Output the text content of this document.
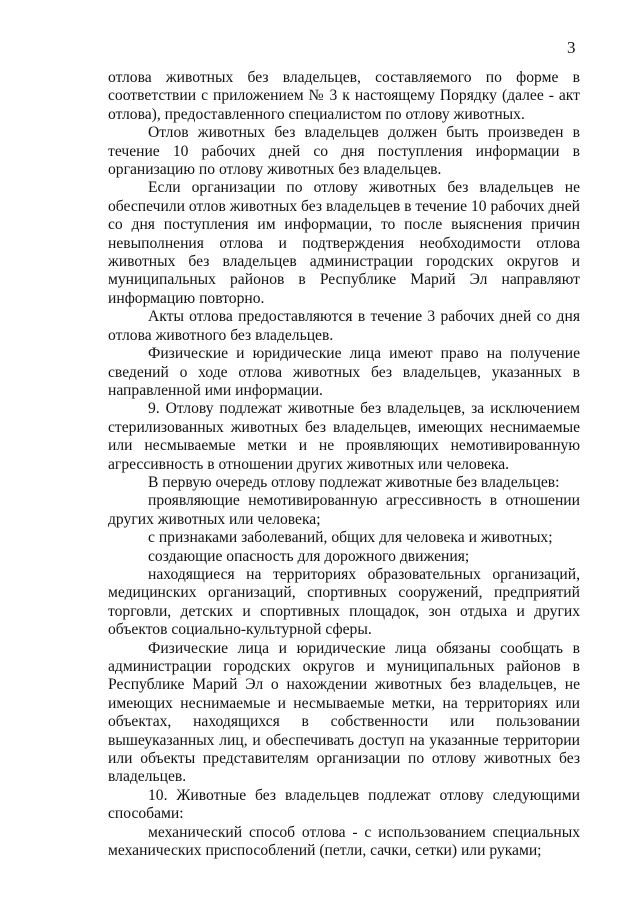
3

отлова животных без владельцев, составляемого по форме в соответствии с приложением № 3 к настоящему Порядку (далее - акт отлова), предоставленного специалистом по отлову животных.

Отлов животных без владельцев должен быть произведен в течение 10 рабочих дней со дня поступления информации в организацию по отлову животных без владельцев.

Если организации по отлову животных без владельцев не обеспечили отлов животных без владельцев в течение 10 рабочих дней со дня поступления им информации, то после выяснения причин невыполнения отлова и подтверждения необходимости отлова животных без владельцев администрации городских округов и муниципальных районов в Республике Марий Эл направляют информацию повторно.

Акты отлова предоставляются в течение 3 рабочих дней со дня отлова животного без владельцев.

Физические и юридические лица имеют право на получение сведений о ходе отлова животных без владельцев, указанных в направленной ими информации.

9. Отлову подлежат животные без владельцев, за исключением стерилизованных животных без владельцев, имеющих неснимаемые или несмываемые метки и не проявляющих немотивированную агрессивность в отношении других животных или человека.

В первую очередь отлову подлежат животные без владельцев:

проявляющие немотивированную агрессивность в отношении других животных или человека;

с признаками заболеваний, общих для человека и животных;

создающие опасность для дорожного движения;

находящиеся на территориях образовательных организаций, медицинских организаций, спортивных сооружений, предприятий торговли, детских и спортивных площадок, зон отдыха и других объектов социально-культурной сферы.

Физические лица и юридические лица обязаны сообщать в администрации городских округов и муниципальных районов в Республике Марий Эл о нахождении животных без владельцев, не имеющих неснимаемые и несмываемые метки, на территориях или объектах, находящихся в собственности или пользовании вышеуказанных лиц, и обеспечивать доступ на указанные территории или объекты представителям организации по отлову животных без владельцев.

10. Животные без владельцев подлежат отлову следующими способами:

механический способ отлова - с использованием специальных механических приспособлений (петли, сачки, сетки) или руками;
